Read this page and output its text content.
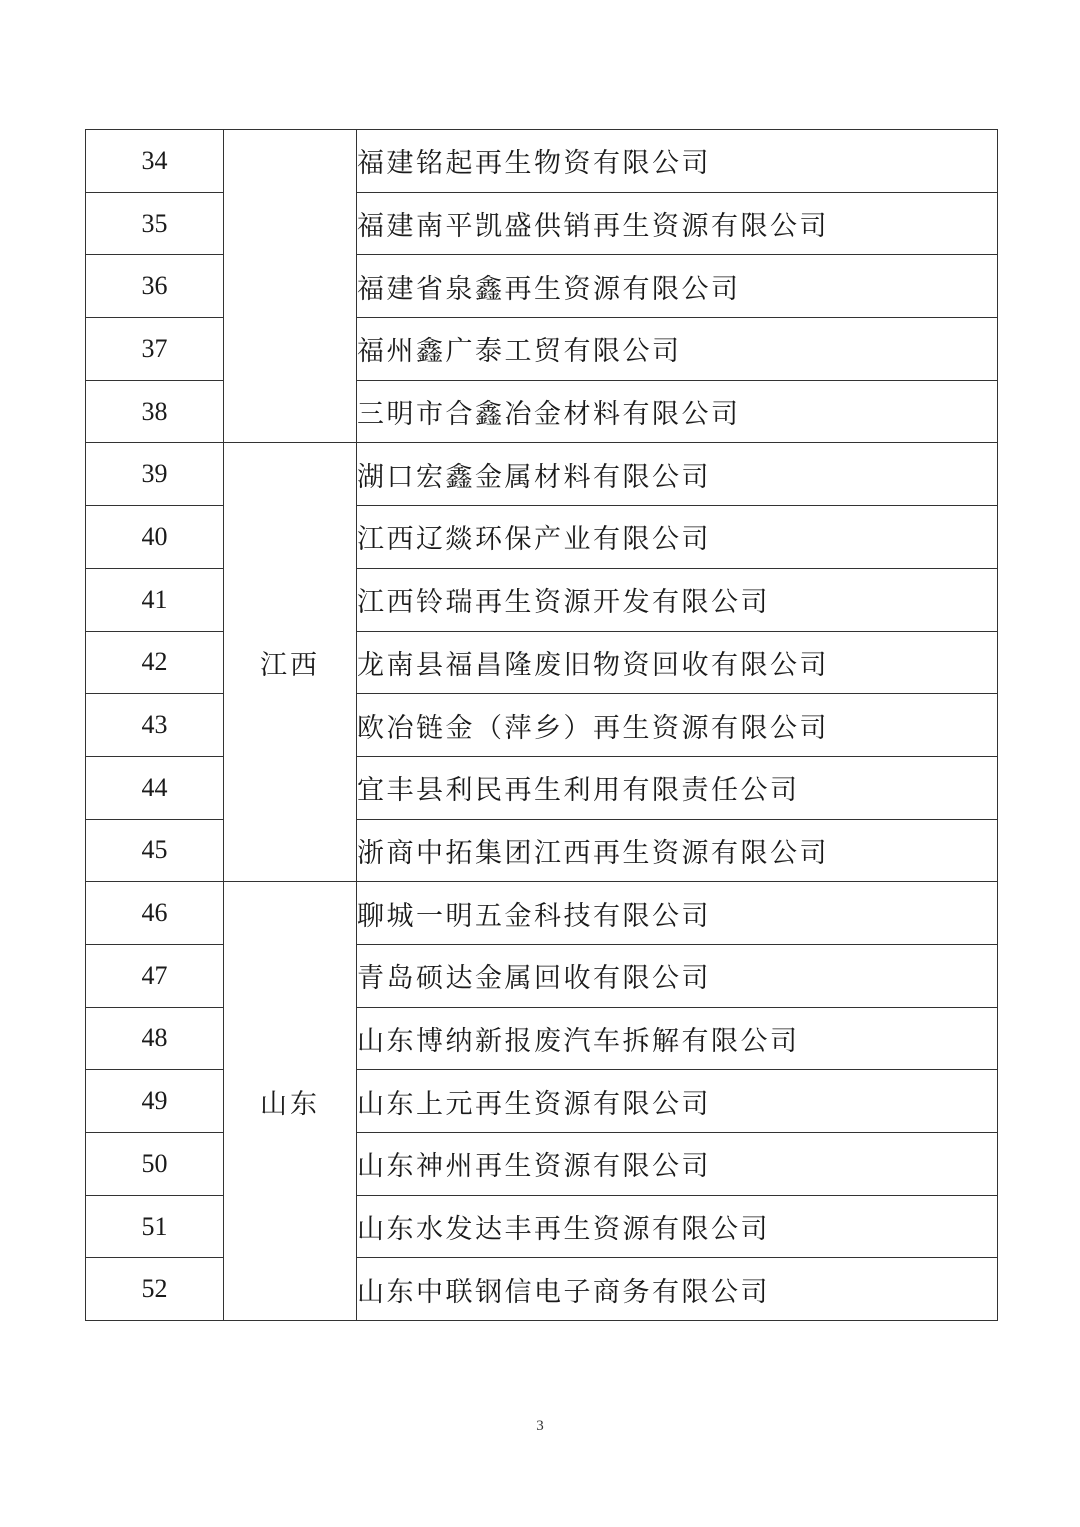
34		福建铭起再生物资有限公司
35		福建南平凯盛供销再生资源有限公司
36		福建省泉鑫再生资源有限公司
37		福州鑫广泰工贸有限公司
38		三明市合鑫冶金材料有限公司
39	江西	湖口宏鑫金属材料有限公司
40		江西辽燚环保产业有限公司
41		江西铃瑞再生资源开发有限公司
42		龙南县福昌隆废旧物资回收有限公司
43		欧冶链金（萍乡）再生资源有限公司
44		宜丰县利民再生利用有限责任公司
45		浙商中拓集团江西再生资源有限公司
46	山东	聊城一明五金科技有限公司
47		青岛硕达金属回收有限公司
48		山东博纳新报废汽车拆解有限公司
49		山东上元再生资源有限公司
50		山东神州再生资源有限公司
51		山东水发达丰再生资源有限公司
52		山东中联钢信电子商务有限公司
3
